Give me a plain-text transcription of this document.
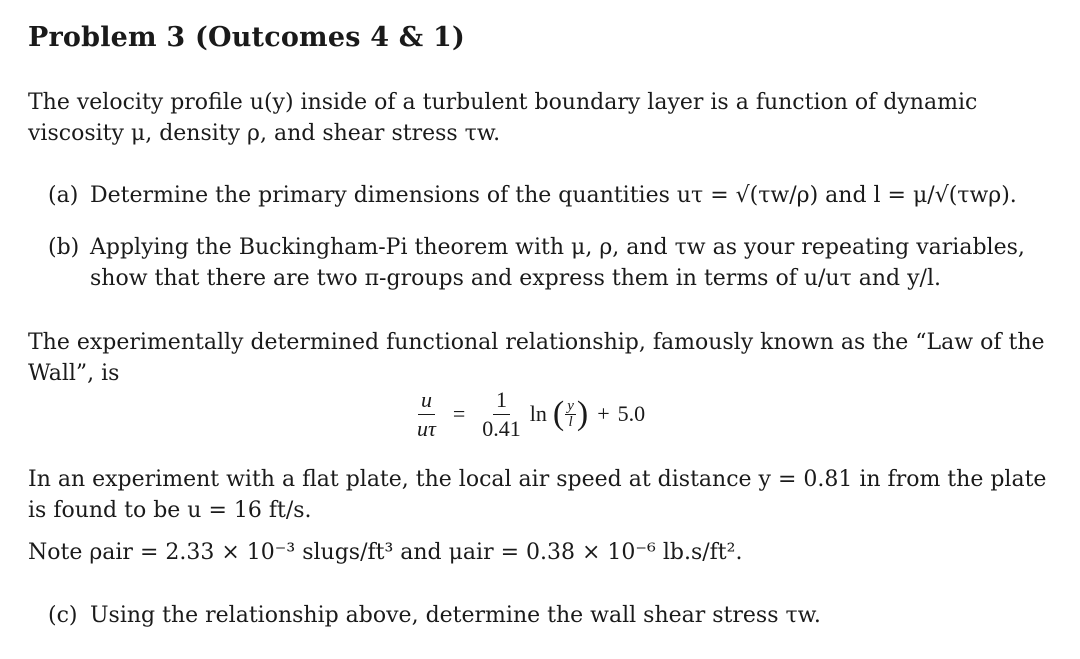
Problem 3 (Outcomes 4 & 1)
The velocity profile u(y) inside of a turbulent boundary layer is a function of dynamic
viscosity μ, density ρ, and shear stress τw.
(a) Determine the primary dimensions of the quantities uτ = √(τw/ρ) and l = μ/√(τwρ).
(b) Applying the Buckingham-Pi theorem with μ, ρ, and τw as your repeating variables,
show that there are two π-groups and express them in terms of u/uτ and y/l.
The experimentally determined functional relationship, famously known as the “Law of the
Wall”, is
$\frac{u}{u\tau} = \frac{1}{0.41}$ ln ( $\frac{y}{l}$ ) + 5.0
In an experiment with a flat plate, the local air speed at distance y = 0.81 in from the plate
is found to be u = 16 ft/s.
Note ρair = 2.33 × 10⁻³ slugs/ft³ and μair = 0.38 × 10⁻⁶ lb.s/ft².
(c) Using the relationship above, determine the wall shear stress τw.
